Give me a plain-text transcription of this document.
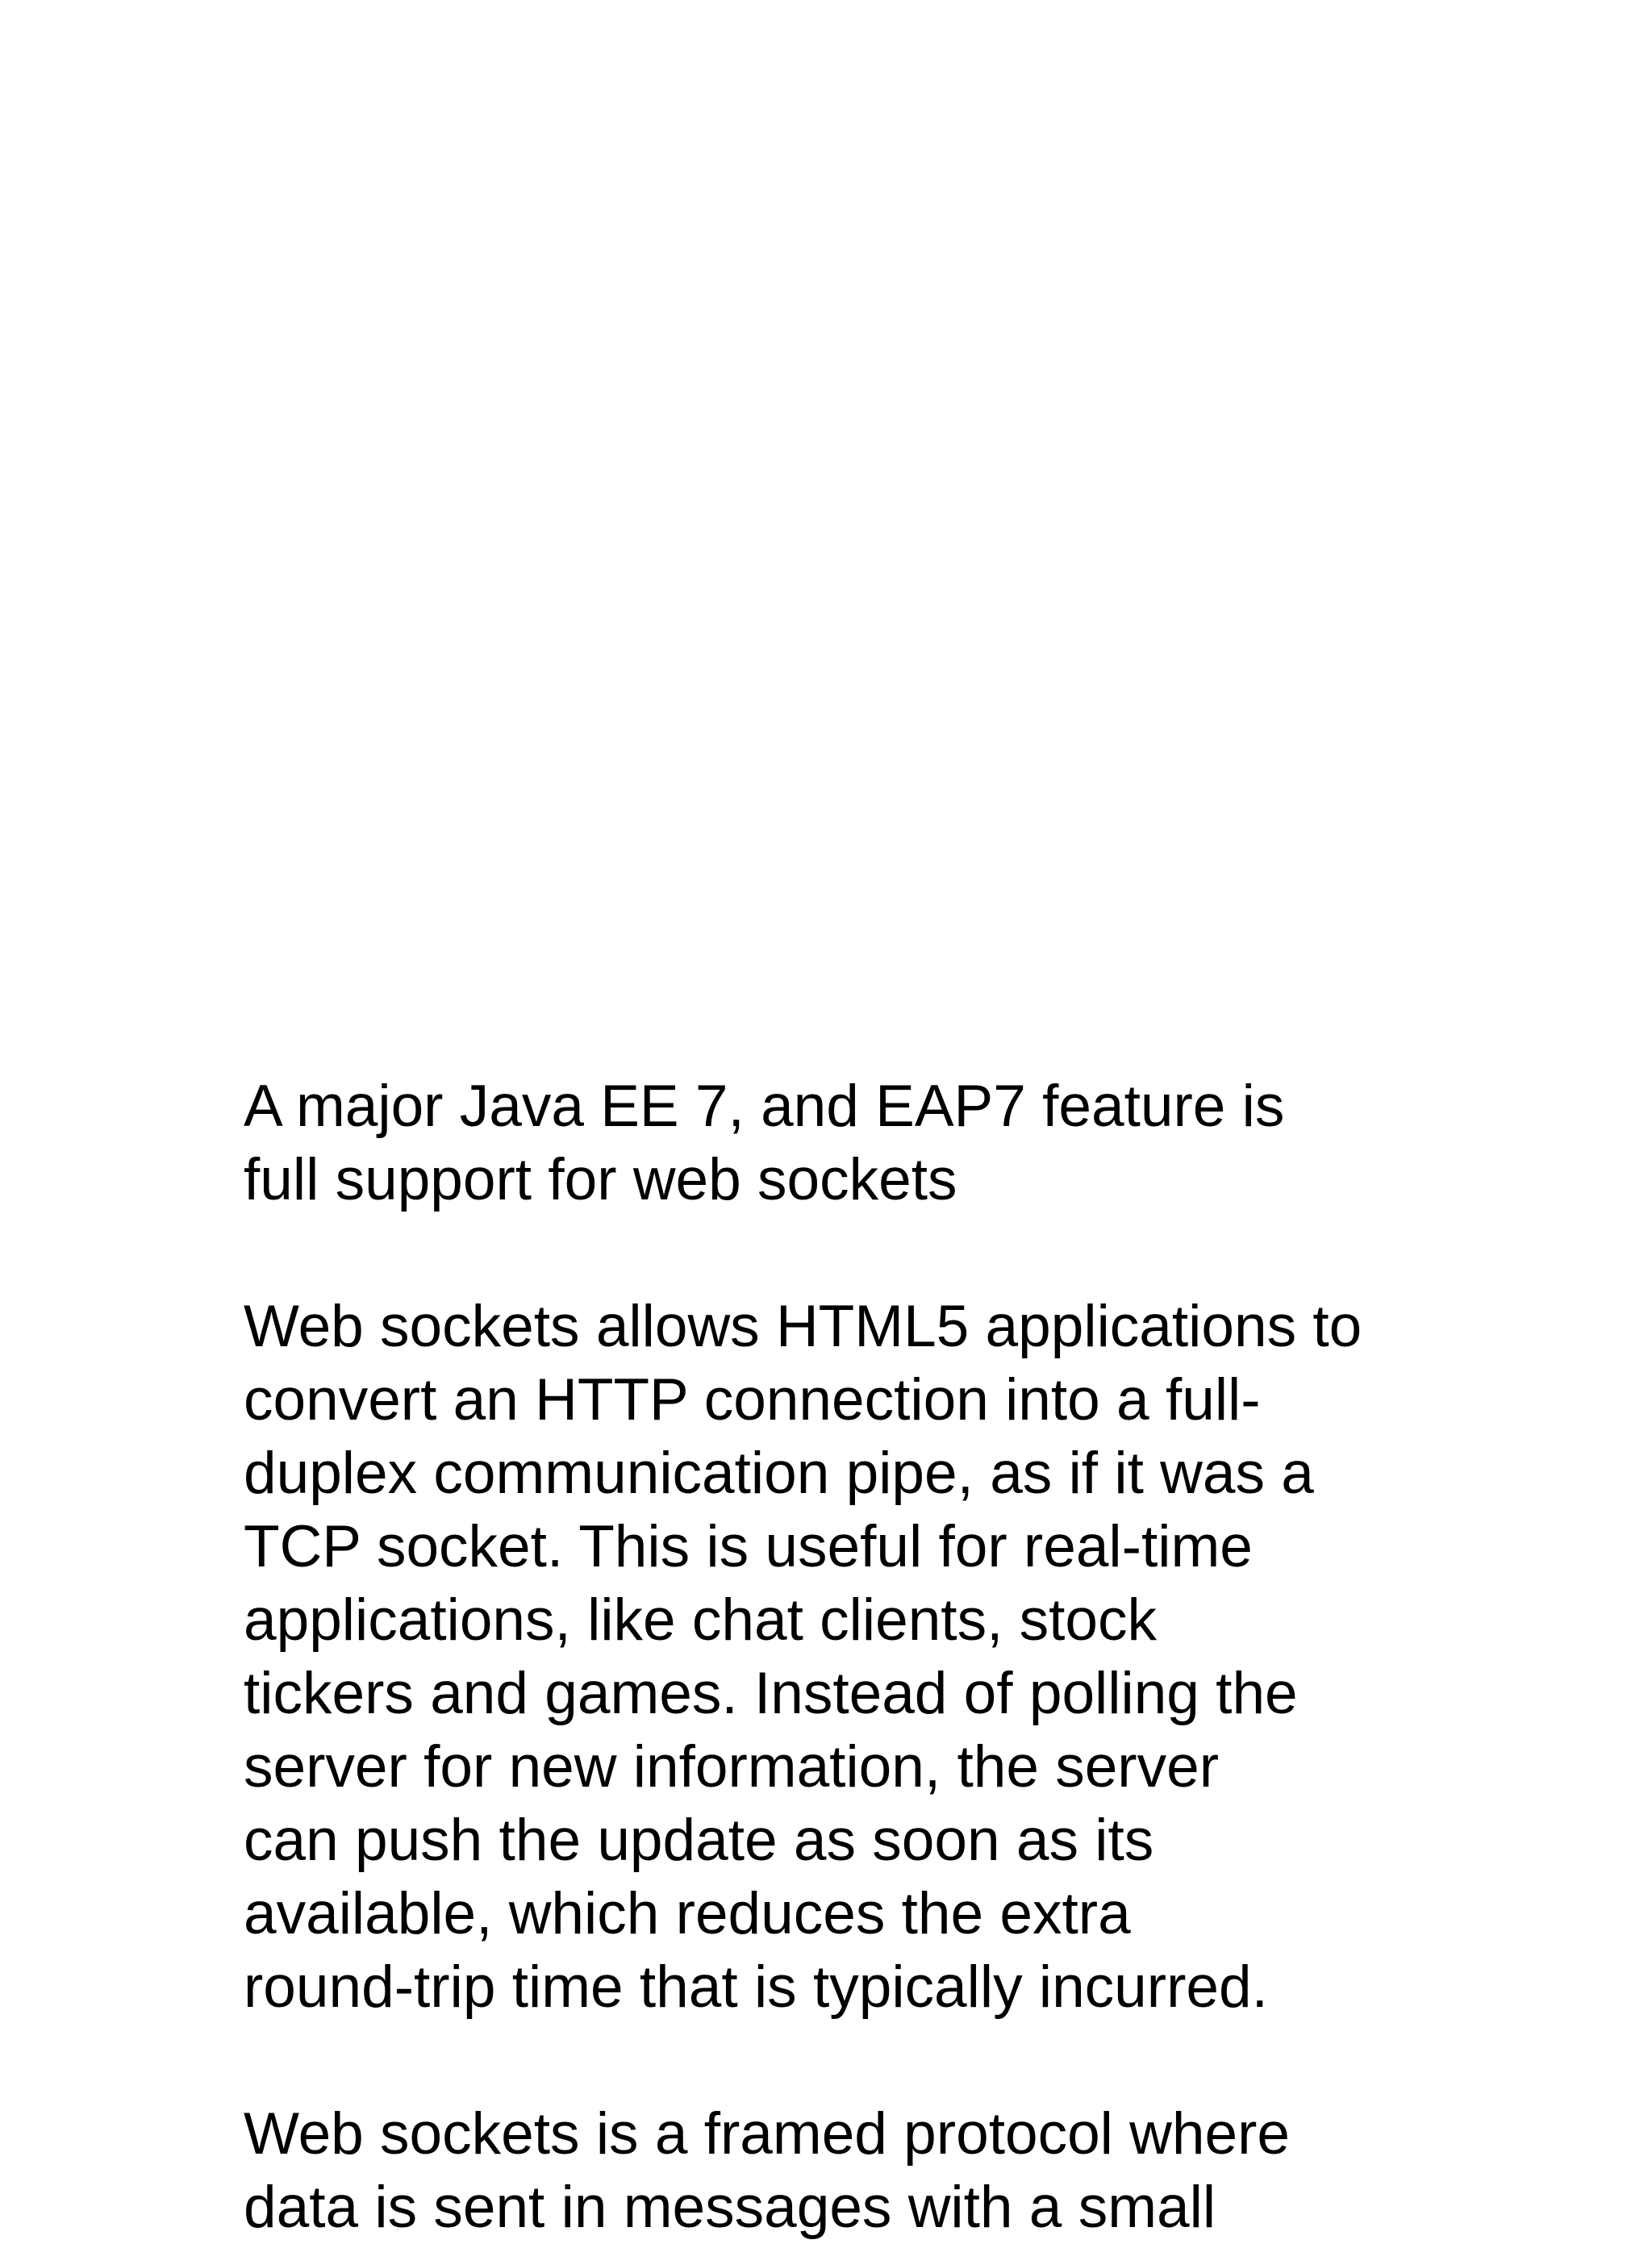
A major Java EE 7, and EAP7 feature is
full support for web sockets

Web sockets allows HTML5 applications to
convert an HTTP connection into a full-
duplex communication pipe, as if it was a
TCP socket. This is useful for real-time
applications, like chat clients, stock
tickers and games. Instead of polling the
server for new information, the server
can push the update as soon as its
available, which reduces the extra
round-trip time that is typically incurred.

Web sockets is a framed protocol where
data is sent in messages with a small
